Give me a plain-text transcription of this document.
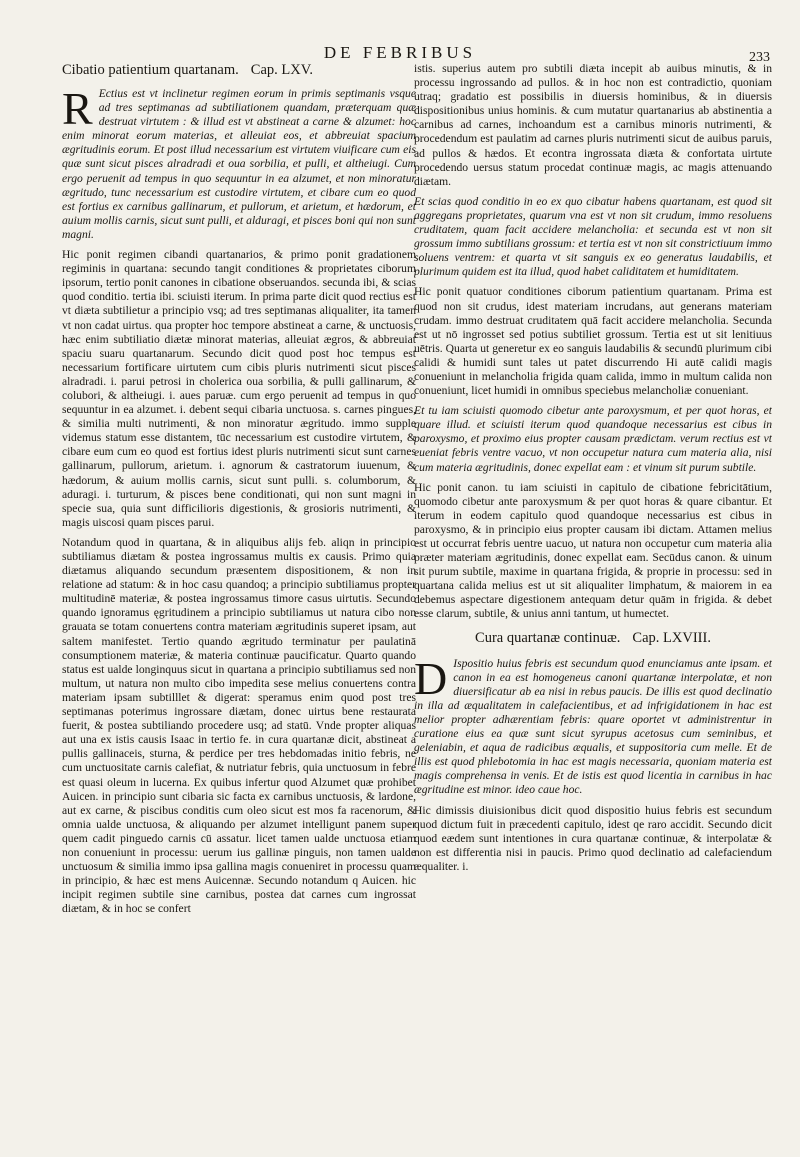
DE FEBRIBUS	233
Cibatio patientium quartanam. Cap. LXV.

R Ectius est vt inclinetur regimen eorum in primis septimanis vsque ad tres septimanas ad subtiliationem quandam, præterquam quæ destruat virtutem : & illud est vt abstineat a carne & alzumet: hoc enim minorat eorum materias, et alleuiat eos, et abbreuiat spacium ægritudinis eorum. Et post illud necessarium est virtutem viuificare cum eis quæ sunt sicut pisces alradradi et oua sorbilia, et pulli, et altheiugi. Cum ergo peruenit ad tempus in quo sequuntur in ea alzumet, et non minoratur ægritudo, tunc necessarium est custodire virtutem, et cibare cum eo quod est fortius ex carnibus gallinarum, et pullorum, et arietum, et hædorum, et auium mollis carnis, sicut sunt pulli, et alduragi, et pisces boni qui non sunt magni.

Hic ponit regimen cibandi quartanarios, & primo ponit gradationem regiminis in quartana: secundo tangit conditiones & proprietates ciborum ipsorum, tertio ponit canones in cibatione obseruandos. secunda ibi, & scias quod conditio. tertia ibi. sciuisti iterum. In prima parte dicit quod rectius est vt diæta subtilietur a principio vsq; ad tres septimanas aliqualiter, ita tamen vt non cadat uirtus. qua propter hoc tempore abstineat a carne, & unctuosis, hæc enim subtiliatio diætæ minorat materias, alleuiat ægros, & abbreuiat spaciu suaru quartanarum. Secundo dicit quod post hoc tempus est necessarium fortificare uirtutem cum cibis pluris nutrimenti sicut pisces alradradi. i. parui petrosi in cholerica oua sorbilia, & pulli gallinarum, & colubori, & altheiugi. i. aues paruæ. cum ergo peruenit ad tempus in quo sequuntur in ea alzumet. i. debent sequi cibaria unctuosa. s. carnes pingues, & similia multi nutrimenti, & non minoratur ægritudo. immo supple videmus statum esse distantem, tūc necessarium est custodire virtutem, & cibare eum cum eo quod est fortius idest pluris nutrimenti sicut sunt carnes gallinarum, pullorum, arietum. i. agnorum & castratorum iuuenum, & hædorum, & auium mollis carnis, sicut sunt pulli. s. columborum, & aduragi. i. turturum, & pisces bene conditionati, qui non sunt magni in specie sua, quia sunt difficilioris digestionis, & grosioris nutrimenti, & magis uiscosi quam pisces parui.

Notandum quod in quartana, & in aliquibus alijs feb. aliqn in principio subtiliamus diætam & postea ingrossamus multis ex causis. Primo quia diætamus aliquando secundum præsentem dispositionem, & non in relatione ad statum: & in hoc casu quandoq; a principio subtiliamus propter multitudinē materiæ, & postea ingrossamus timore casus uirtutis. Secundo quando ignoramus ęgritudinem a principio subtiliamus ut natura cibo non grauata se totam conuertens contra materiam ægritudinis superet ipsam, aut saltem manifestet. Tertio quando ægritudo terminatur per paulatinā consumptionem materiæ, & materia continuæ paucificatur. Quarto quando status est ualde longinquus sicut in quartana a principio subtiliamus sed non multum, ut natura non multo cibo impedita sese melius conuertens contra materiam ipsam subtilllet & digerat: speramus enim quod post tres septimanas poterimus ingrossare diætam, donec uirtus bene restaurata fuerit, & postea subtiliando procedere usq; ad statū. Vnde propter aliquas aut una ex istis causis Isaac in tertio fe. in cura quartanæ dicit, abstineat a pullis gallinaceis, sturna, & perdice per tres hebdomadas initio febris, ne cum unctuositate carnis calefiat, & nutriatur febris, quia unctuosum in febre est quasi oleum in lucerna. Ex quibus infertur quod Alzumet quæ prohibet Auicen. in principio sunt cibaria sic facta ex carnibus unctuosis, & lardone, aut ex carne, & piscibus conditis cum oleo sicut est mos fa racenorum, & omnia ualde unctuosa, & aliquando per alzumet intelligunt panem super quem cadit pinguedo carnis cū assatur. licet tamen ualde unctuosa etiam non conueniunt in processu: uerum ius gallinæ pinguis, non tamen ualde unctuosum & similia immo ipsa gallina magis conueniret in processu quam in principio, & hæc est mens Auicennæ. Secundo notandum q Auicen. hic incipit regimen subtile sine carnibus, postea dat carnes cum ingrossat diætam, & in hoc se confert

istis. superius autem pro subtili diæta incepit ab auibus minutis, & in processu ingrossando ad pullos. & in hoc non est contradictio, quoniam utraq; gradatio est possibilis in diuersis hominibus, & in diuersis dispositionibus unius hominis. & cum mutatur quartanarius ab abstinentia a carnibus ad carnes, inchoandum est a carnibus minoris nutrimenti, & procedendum est paulatim ad carnes pluris nutrimenti sicut de auibus paruis, ad pullos & hædos. Et econtra ingrossata diæta & confortata uirtute procedendo uersus statum procedat continuæ magis, ac magis attenuando diætam.

Et scias quod conditio in eo ex quo cibatur habens quartanam, est quod sit aggregans proprietates, quarum vna est vt non sit crudum, immo resoluens cruditatem, quam facit accidere melancholia: et secunda est vt non sit grossum immo subtilians grossum: et tertia est vt non sit constrictiuum immo soluens ventrem: et quarta vt sit sanguis ex eo generatus laudabilis, et plurimum quidem est ita illud, quod habet caliditatem et humiditatem.

Hic ponit quatuor conditiones ciborum patientium quartanam. Prima est quod non sit crudus, idest materiam incrudans, aut generans materiam crudam. immo destruat cruditatem quā facit accidere melancholia. Secunda est ut nō ingrosset sed potius subtiliet grossum. Tertia est ut sit lenitiuus uētris. Quarta ut generetur ex eo sanguis laudabilis & secundū plurimum cibi calidi & humidi sunt tales ut patet discurrendo Hi autē calidi magis conueniunt in melancholia frigida quam calida, immo in multum calida non conueniunt, licet humidi in omnibus speciebus melancholiæ conueniant.

Et tu iam sciuisti quomodo cibetur ante paroxysmum, et per quot horas, et quare illud. et sciuisti iterum quod quandoque necessarius est cibus in paroxysmo, et proximo eius propter causam prædictam. verum rectius est vt eueniat febris ventre vacuo, vt non occupetur natura cum materia alia, nisi cum materia ægritudinis, donec expellat eam : et vinum sit purum subtile.

Hic ponit canon. tu iam sciuisti in capitulo de cibatione febricitātium, quomodo cibetur ante paroxysmum & per quot horas & quare cibantur. Et iterum in eodem capitulo quod quandoque necessarius est cibus in paroxysmo, & in principio eius propter causam ibi dictam. Attamen melius est ut occurrat febris uentre uacuo, ut natura non occupetur cum materia alia præter materiam ægritudinis, donec expellat eam. Secūdus canon. & uinum sit purum subtile, maxime in quartana frigida, & proprie in processu: sed in quartana calida melius est ut sit aliqualiter limphatum, & maiorem in ea debemus aspectare digestionem antequam detur quām in frigida. & debet esse clarum, subtile, & unius anni tantum, ut humectet.

Cura quartanæ continuæ. Cap. LXVIII.

D Ispositio huius febris est secundum quod enunciamus ante ipsam. et canon in ea est homogeneus canoni quartanæ interpolatæ, et non diuersificatur ab ea nisi in rebus paucis. De illis est quod declinatio in illa ad æqualitatem in calefacientibus, et ad infrigidationem in hac est melior propter adhærentiam febris: quare oportet vt administrentur in curatione eius ea quæ sunt sicut syrupus acetosus cum seminibus, et geleniabin, et aqua de radicibus æqualis, et suppositoria cum melle. Et de illis est quod phlebotomia in hac est magis necessaria, quoniam materia est magis comprehensa in venis. Et de istis est quod licentia in carnibus in hac ægritudine est minor. ideo caue hoc.

Hic dimissis diuisionibus dicit quod dispositio huius febris est secundum quod dictum fuit in præcedenti capitulo, idest qe raro accidit. Secundo dicit quod eædem sunt intentiones in cura quartanæ continuæ, & interpolatæ & non est differentia nisi in paucis. Primo quod declinatio ad calefaciendum æqualiter. i.
